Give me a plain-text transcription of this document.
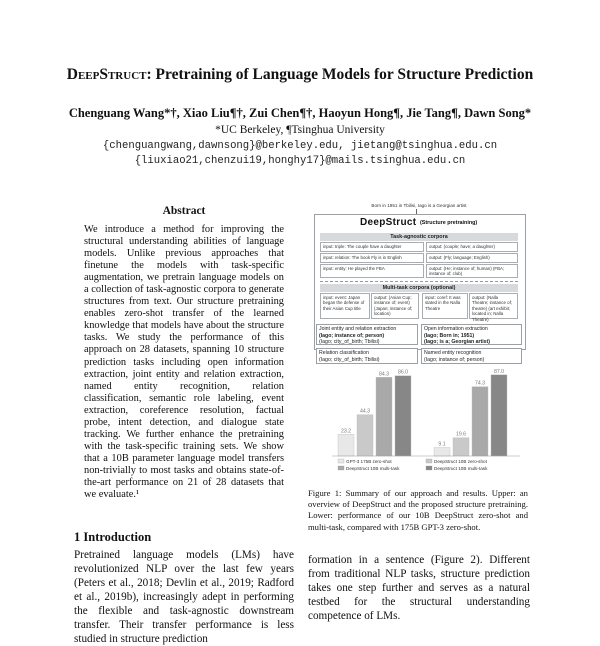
DeepStruct: Pretraining of Language Models for Structure Prediction
Chenguang Wang*†, Xiao Liu¶†, Zui Chen¶†, Haoyun Hong¶, Jie Tang¶, Dawn Song*
*UC Berkeley, ¶Tsinghua University
{chenguangwang,dawnsong}@berkeley.edu, jietang@tsinghua.edu.cn
{liuxiao21,chenzui19,honghy17}@mails.tsinghua.edu.cn
Abstract
We introduce a method for improving the structural understanding abilities of language models. Unlike previous approaches that finetune the models with task-specific augmentation, we pretrain language models on a collection of task-agnostic corpora to generate structures from text. Our structure pretraining enables zero-shot transfer of the learned knowledge that models have about the structure tasks. We study the performance of this approach on 28 datasets, spanning 10 structure prediction tasks including open information extraction, joint entity and relation extraction, named entity recognition, relation classification, semantic role labeling, event extraction, coreference resolution, factual probe, intent detection, and dialogue state tracking. We further enhance the pretraining with the task-specific training sets. We show that a 10B parameter language model transfers non-trivially to most tasks and obtains state-of-the-art performance on 21 of 28 datasets that we evaluate.¹
1 Introduction
Pretrained language models (LMs) have revolutionized NLP over the last few years (Peters et al., 2018; Devlin et al., 2019; Radford et al., 2019b), increasingly adept in performing the flexible and task-agnostic downstream transfer. Their transfer performance is less studied in structure prediction
Born in 1951 in Tbilisi, Iago is a Georgian artist
DeepStruct (Structure pretraining)
Task-agnostic corpora
input: triple: The couple have a daughter	output: (couple; have; a daughter)
input: relation: The book Fly is in English	output: (Fly; language; English)
input: entity: He played the FBA	output: (He; instance of; human) (FBA; instance of; club)
Multi-task corpora (optional)
input: event: Japan began the defense of their Asian Cup title
output: (Asian Cup; instance of; event) (Japan; instance of; location)
input: coref: It was stated in the Nalla Theatre
output: (Nalla Theatre; instance of; theatre) (art exhibit; located in; Nalla Theatre)
Joint entity and relation extraction
(Iago; instance of; person)
(Iago; city_of_birth; Tbilisi)
Open information extraction
(Iago; Born in; 1951)
(Iago; is a; Georgian artist)
Relation classification
(Iago; city_of_birth; Tbilisi)
Named entity recognition
(Iago; instance of; person)
23.2
44.3
84.3 86.0
9.1
19.6
74.3
87.0
GPT-3 175B zero-shot	DeepStruct 10B zero-shot
DeepStruct 10B multi-task	DeepStruct 10B multi-task
Figure 1: Summary of our approach and results. Upper: an overview of DeepStruct and the proposed structure pretraining. Lower: performance of our 10B DeepStruct zero-shot and multi-task, compared with 175B GPT-3 zero-shot.
formation in a sentence (Figure 2). Different from traditional NLP tasks, structure prediction takes one step further and serves as a natural testbed for the structural understanding competence of LMs.
